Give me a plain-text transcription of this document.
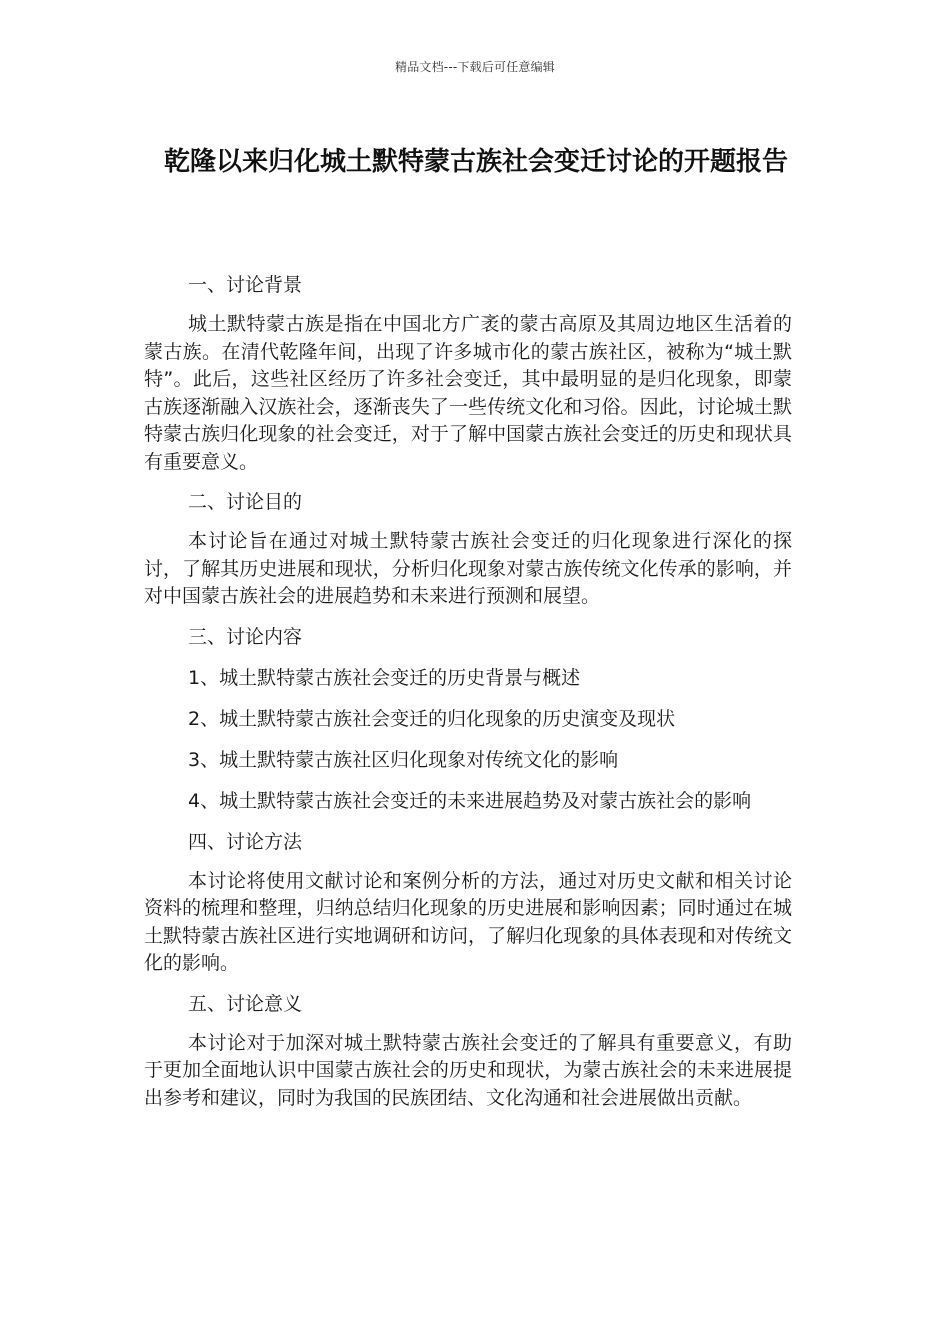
精品文档---下载后可任意编辑
乾隆以来归化城土默特蒙古族社会变迁讨论的开题报告
一、讨论背景

城土默特蒙古族是指在中国北方广袤的蒙古高原及其周边地区生活着的蒙古族。在清代乾隆年间，出现了许多城市化的蒙古族社区，被称为“城土默特”。此后，这些社区经历了许多社会变迁，其中最明显的是归化现象，即蒙古族逐渐融入汉族社会，逐渐丧失了一些传统文化和习俗。因此，讨论城土默特蒙古族归化现象的社会变迁，对于了解中国蒙古族社会变迁的历史和现状具有重要意义。

二、讨论目的

本讨论旨在通过对城土默特蒙古族社会变迁的归化现象进行深化的探讨，了解其历史进展和现状，分析归化现象对蒙古族传统文化传承的影响，并对中国蒙古族社会的进展趋势和未来进行预测和展望。

三、讨论内容
1、城土默特蒙古族社会变迁的历史背景与概述
2、城土默特蒙古族社会变迁的归化现象的历史演变及现状
3、城土默特蒙古族社区归化现象对传统文化的影响
4、城土默特蒙古族社会变迁的未来进展趋势及对蒙古族社会的影响
四、讨论方法

本讨论将使用文献讨论和案例分析的方法，通过对历史文献和相关讨论资料的梳理和整理，归纳总结归化现象的历史进展和影响因素；同时通过在城土默特蒙古族社区进行实地调研和访问，了解归化现象的具体表现和对传统文化的影响。

五、讨论意义

本讨论对于加深对城土默特蒙古族社会变迁的了解具有重要意义，有助于更加全面地认识中国蒙古族社会的历史和现状，为蒙古族社会的未来进展提出参考和建议，同时为我国的民族团结、文化沟通和社会进展做出贡献。
